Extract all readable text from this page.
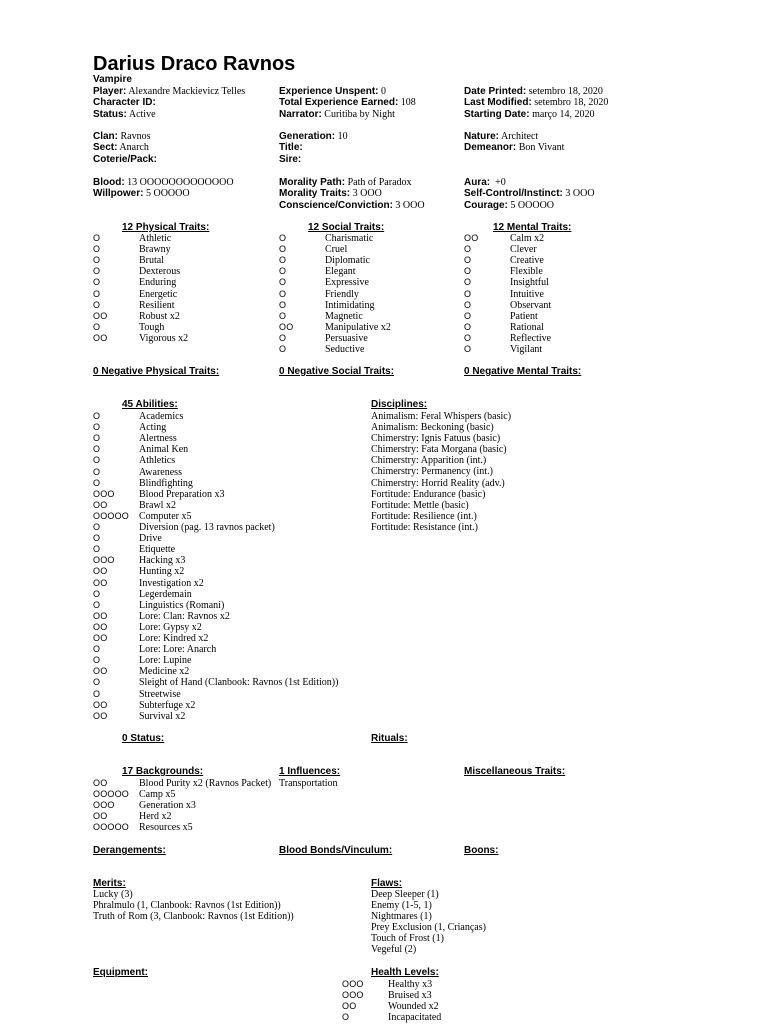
Darius Draco Ravnos
Vampire
Player: Alexandre Mackievicz Telles
Character ID:
Status: Active
Experience Unspent: 0
Total Experience Earned: 108
Narrator: Curitiba by Night
Date Printed: setembro 18, 2020
Last Modified: setembro 18, 2020
Starting Date: março 14, 2020
Clan: Ravnos
Sect: Anarch
Coterie/Pack:
Generation: 10
Title:
Sire:
Nature: Architect
Demeanor: Bon Vivant
Blood: 13 OOOOOOOOOOOOO
Willpower: 5 OOOOO
Morality Path: Path of Paradox
Morality Traits: 3 OOO
Conscience/Conviction: 3 OOO
Aura: +0
Self-Control/Instinct: 3 OOO
Courage: 5 OOOOO
12 Physical Traits:	12 Social Traits:	12 Mental Traits:
O	Athletic
O	Brawny
O	Brutal
O	Dexterous
O	Enduring
O	Energetic
O	Resilient
OO	Robust x2
O	Tough
OO	Vigorous x2
O	Charismatic
O	Cruel
O	Diplomatic
O	Elegant
O	Expressive
O	Friendly
O	Intimidating
O	Magnetic
OO	Manipulative x2
O	Persuasive
O	Seductive
OO	Calm x2
O	Clever
O	Creative
O	Flexible
O	Insightful
O	Intuitive
O	Observant
O	Patient
O	Rational
O	Reflective
O	Vigilant
0 Negative Physical Traits:	0 Negative Social Traits:	0 Negative Mental Traits:
45 Abilities:
O	Academics
O	Acting
O	Alertness
O	Animal Ken
O	Athletics
O	Awareness
O	Blindfighting
OOO Blood Preparation x3
OO	Brawl x2
OOOOO Computer x5
O	Diversion (pag. 13 ravnos packet)
O	Drive
O	Etiquette
OOO Hacking x3
OO	Hunting x2
OO	Investigation x2
O	Legerdemain
O	Linguistics (Romani)
OO	Lore: Clan: Ravnos x2
OO	Lore: Gypsy x2
OO	Lore: Kindred x2
O	Lore: Lore: Anarch
O	Lore: Lupine
OO	Medicine x2
O	Sleight of Hand (Clanbook: Ravnos (1st Edition))
O	Streetwise
OO	Subterfuge x2
OO	Survival x2
Disciplines:
Animalism: Feral Whispers (basic)
Animalism: Beckoning (basic)
Chimerstry: Ignis Fatuus (basic)
Chimerstry: Fata Morgana (basic)
Chimerstry: Apparition (int.)
Chimerstry: Permanency (int.)
Chimerstry: Horrid Reality (adv.)
Fortitude: Endurance (basic)
Fortitude: Mettle (basic)
Fortitude: Resilience (int.)
Fortitude: Resistance (int.)
0 Status:	Rituals:
17 Backgrounds:
OO	Blood Purity x2 (Ravnos Packet)
OOOOO Camp x5
OOO Generation x3
OO	Herd x2
OOOOO Resources x5
1 Influences:
Transportation
Miscellaneous Traits:
Derangements:	Blood Bonds/Vinculum:	Boons:
Merits:
Lucky (3)
Phralmulo (1, Clanbook: Ravnos (1st Edition))
Truth of Rom (3, Clanbook: Ravnos (1st Edition))
Flaws:
Deep Sleeper (1)
Enemy (1-5, 1)
Nightmares (1)
Prey Exclusion (1, Crianças)
Touch of Frost (1)
Vegeful (2)
Equipment:	Health Levels:
OOO Healthy x3
OOO Bruised x3
OO	Wounded x2
O	Incapacitated
